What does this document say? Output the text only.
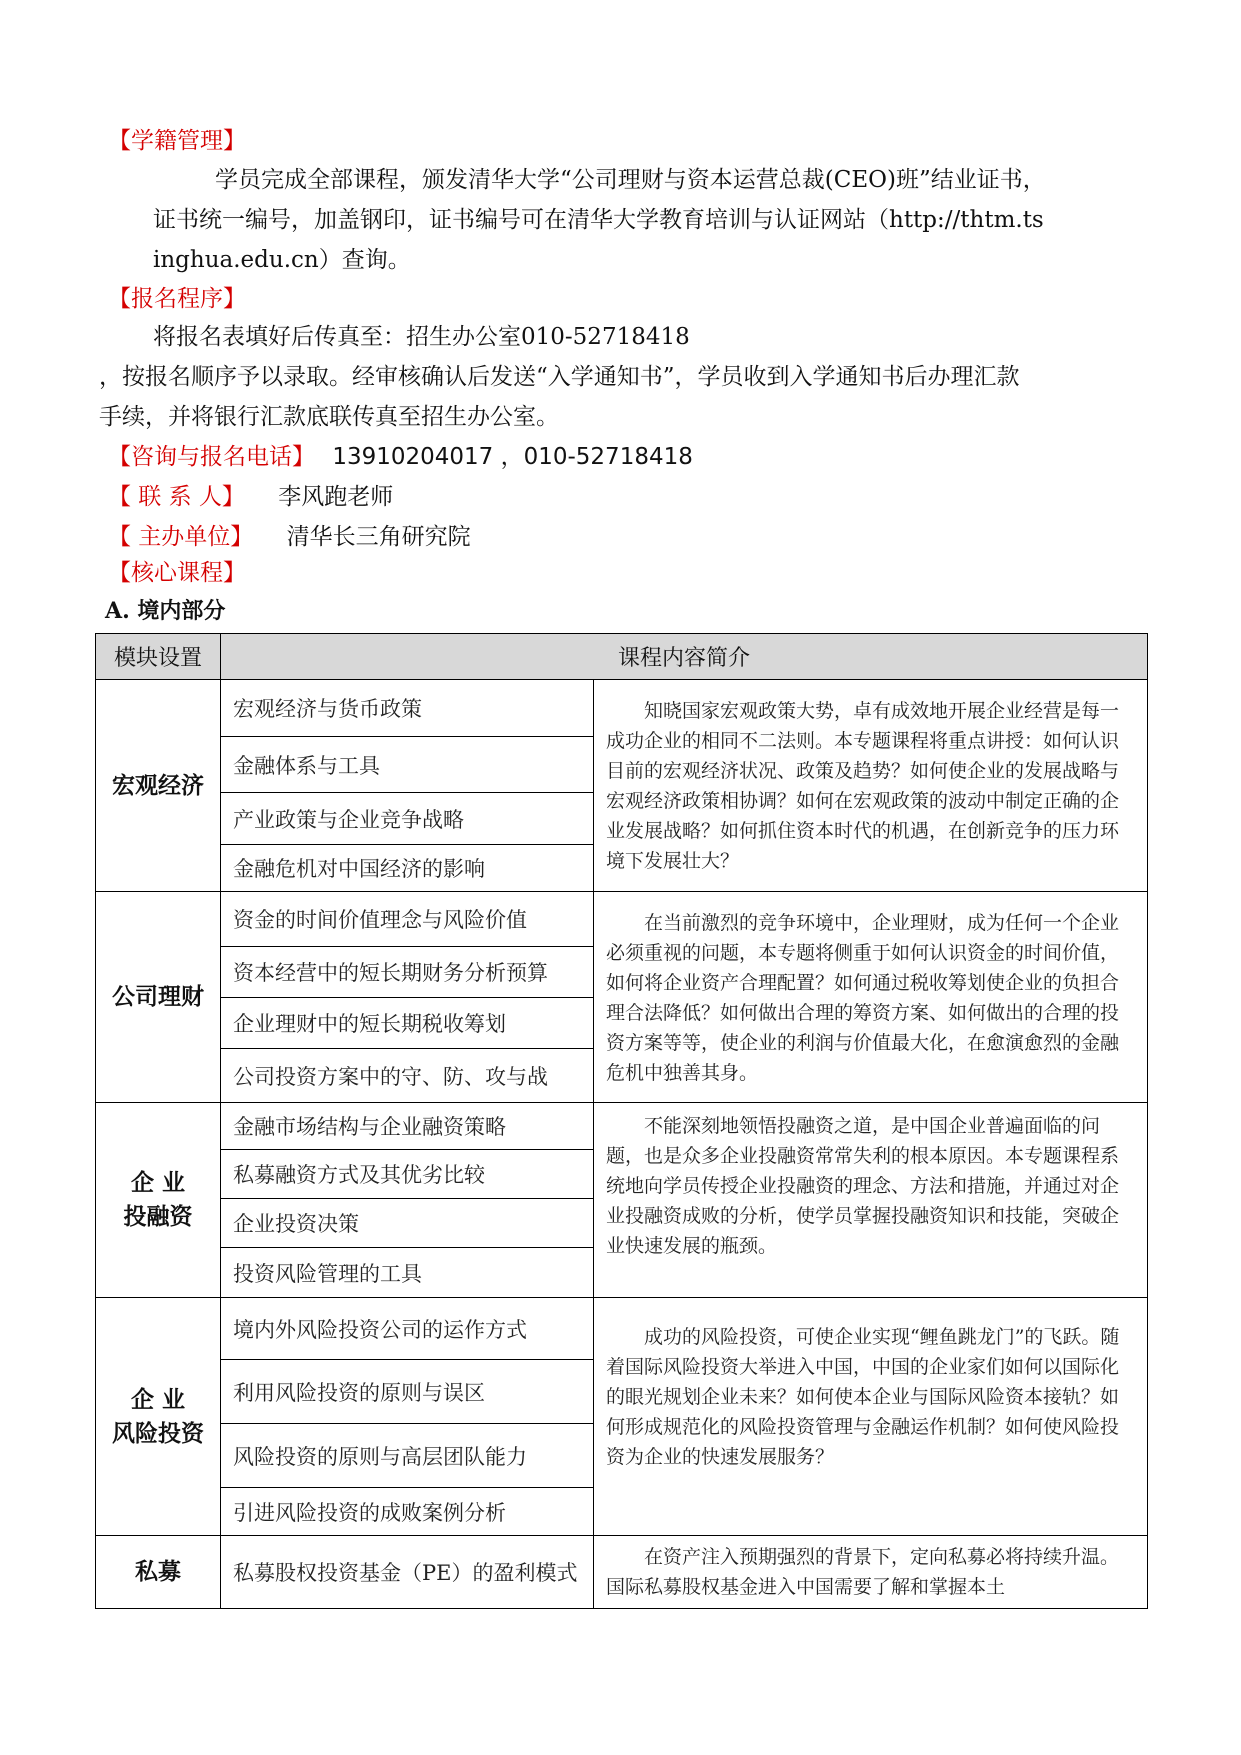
【学籍管理】
学员完成全部课程，颁发清华大学“公司理财与资本运营总裁(CEO)班”结业证书，
证书统一编号，加盖钢印，证书编号可在清华大学教育培训与认证网站（http://thtm.ts
inghua.edu.cn）查询。
【报名程序】
将报名表填好后传真至：招生办公室010-52718418
，按报名顺序予以录取。经审核确认后发送“入学通知书”，学员收到入学通知书后办理汇款
手续，并将银行汇款底联传真至招生办公室。
【咨询与报名电话】 13910204017 ，010-52718418
【 联 系 人】 李风跑老师
【 主办单位】 清华长三角研究院
【核心课程】
A. 境内部分
模块设置	课程内容简介	

宏观经济	宏观经济与货币政策	知晓国家宏观政策大势，卓有成效地开展企业经营是每一成功企业的相同不二法则。本专题课程将重点讲授：如何认识目前的宏观经济状况、政策及趋势？如何使企业的发展战略与宏观经济政策相协调？如何在宏观政策的波动中制定正确的企业发展战略？如何抓住资本时代的机遇，在创新竞争的压力环境下发展壮大？

	金融体系与工具	
	产业政策与企业竞争战略	
	金融危机对中国经济的影响	

公司理财	资金的时间价值理念与风险价值	在当前激烈的竞争环境中，企业理财，成为任何一个企业必须重视的问题，本专题将侧重于如何认识资金的时间价值，如何将企业资产合理配置？如何通过税收筹划使企业的负担合理合法降低？如何做出合理的筹资方案、如何做出的合理的投资方案等等，使企业的利润与价值最大化，在愈演愈烈的金融危机中独善其身。

	资本经营中的短长期财务分析预算	
	企业理财中的短长期税收筹划	
	公司投资方案中的守、防、攻与战	

企 业
投融资	金融市场结构与企业融资策略	不能深刻地领悟投融资之道，是中国企业普遍面临的问题，也是众多企业投融资常常失利的根本原因。本专题课程系统地向学员传授企业投融资的理念、方法和措施，并通过对企业投融资成败的分析，使学员掌握投融资知识和技能，突破企业快速发展的瓶颈。

	私募融资方式及其优劣比较	
	企业投资决策	
	投资风险管理的工具	

企 业
风险投资	境内外风险投资公司的运作方式	成功的风险投资，可使企业实现“鲤鱼跳龙门”的飞跃。随着国际风险投资大举进入中国，中国的企业家们如何以国际化的眼光规划企业未来？如何使本企业与国际风险资本接轨？如何形成规范化的风险投资管理与金融运作机制？如何使风险投资为企业的快速发展服务？

	利用风险投资的原则与误区	
	风险投资的原则与高层团队能力	
	引进风险投资的成败案例分析	

私募	私募股权投资基金（PE）的盈利模式	在资产注入预期强烈的背景下，定向私募必将持续升温。国际私募股权基金进入中国需要了解和掌握本土
